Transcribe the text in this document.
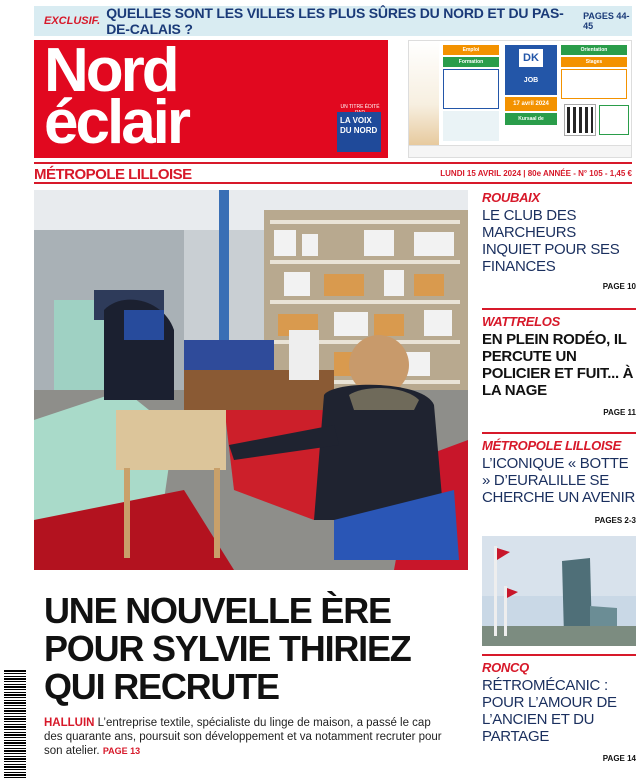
EXCLUSIF. QUELLES SONT LES VILLES LES PLUS SÛRES DU NORD ET DU PAS-DE-CALAIS ?
PAGES 44-45
Nord
éclair	UN TITRE ÉDITÉ
LA VOIX DU NORD
Emploi
Formation	DK
JOB
17 avril 2024
Kursaal de Dunkerque
Orientation
Stages
MÉTROPOLE LILLOISE	LUNDI 15 AVRIL 2024 | 80e ANNÉE - N° 105 - 1,45 €
UNE NOUVELLE ÈRE
POUR SYLVIE THIRIEZ
QUI RECRUTE
HALLUIN L’entreprise textile, spécialiste du linge de maison, a passé le cap des quarante ans, poursuit son développement et va notamment recruter pour son atelier. PAGE 13
ROUBAIX
LE CLUB DES MARCHEURS INQUIET POUR SES FINANCES
PAGE 10
WATTRELOS
EN PLEIN RODÉO, IL PERCUTE UN POLICIER ET FUIT... À LA NAGE
PAGE 11
MÉTROPOLE LILLOISE
L’ICONIQUE « BOTTE » D’EURALILLE SE CHERCHE UN AVENIR
PAGES 2-3
RONCQ
RÉTROMÉCANIC : POUR L’AMOUR DE L’ANCIEN ET DU PARTAGE
PAGE 14
